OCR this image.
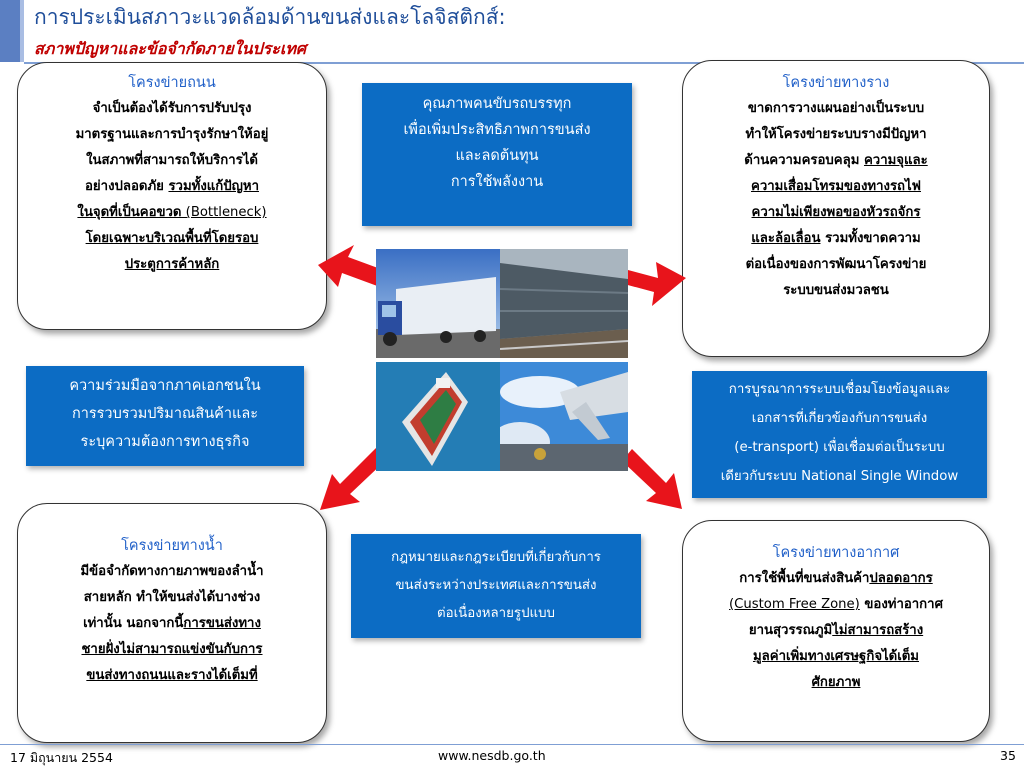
การประเมินสภาวะแวดล้อมด้านขนส่งและโลจิสติกส์:
สภาพปัญหาและข้อจำกัดภายในประเทศ
โครงข่ายถนน

จำเป็นต้องได้รับการปรับปรุง

มาตรฐานและการบำรุงรักษาให้อยู่

ในสภาพที่สามารถให้บริการได้

อย่างปลอดภัย รวมทั้งแก้ปัญหา

ในจุดที่เป็นคอขวด (Bottleneck)

โดยเฉพาะบริเวณพื้นที่โดยรอบ

ประตูการค้าหลัก

โครงข่ายทางราง

ขาดการวางแผนอย่างเป็นระบบ

ทำให้โครงข่ายระบบรางมีปัญหา

ด้านความครอบคลุม ความจุและ

ความเสื่อมโทรมของทางรถไฟ

ความไม่เพียงพอของหัวรถจักร

และล้อเลื่อน รวมทั้งขาดความ

ต่อเนื่องของการพัฒนาโครงข่าย

ระบบขนส่งมวลชน

โครงข่ายทางน้ำ

มีข้อจำกัดทางกายภาพของลำน้ำ

สายหลัก ทำให้ขนส่งได้บางช่วง

เท่านั้น นอกจากนี้การขนส่งทาง

ชายฝั่งไม่สามารถแข่งขันกับการ

ขนส่งทางถนนและรางได้เต็มที่

โครงข่ายทางอากาศ

การใช้พื้นที่ขนส่งสินค้าปลอดอากร

(Custom Free Zone) ของท่าอากาศ

ยานสุวรรณภูมิไม่สามารถสร้าง

มูลค่าเพิ่มทางเศรษฐกิจได้เต็ม

ศักยภาพ

คุณภาพคนขับรถบรรทุก
เพื่อเพิ่มประสิทธิภาพการขนส่ง
และลดต้นทุน
การใช้พลังงาน
ความร่วมมือจากภาคเอกชนใน
การรวบรวมปริมาณสินค้าและ
ระบุความต้องการทางธุรกิจ
การบูรณาการระบบเชื่อมโยงข้อมูลและ
เอกสารที่เกี่ยวข้องกับการขนส่ง
(e-transport) เพื่อเชื่อมต่อเป็นระบบ
เดียวกับระบบ National Single Window
กฎหมายและกฎระเบียบที่เกี่ยวกับการ
ขนส่งระหว่างประเทศและการขนส่ง
ต่อเนื่องหลายรูปแบบ
17 มิถุนายน 2554	www.nesdb.go.th	35
